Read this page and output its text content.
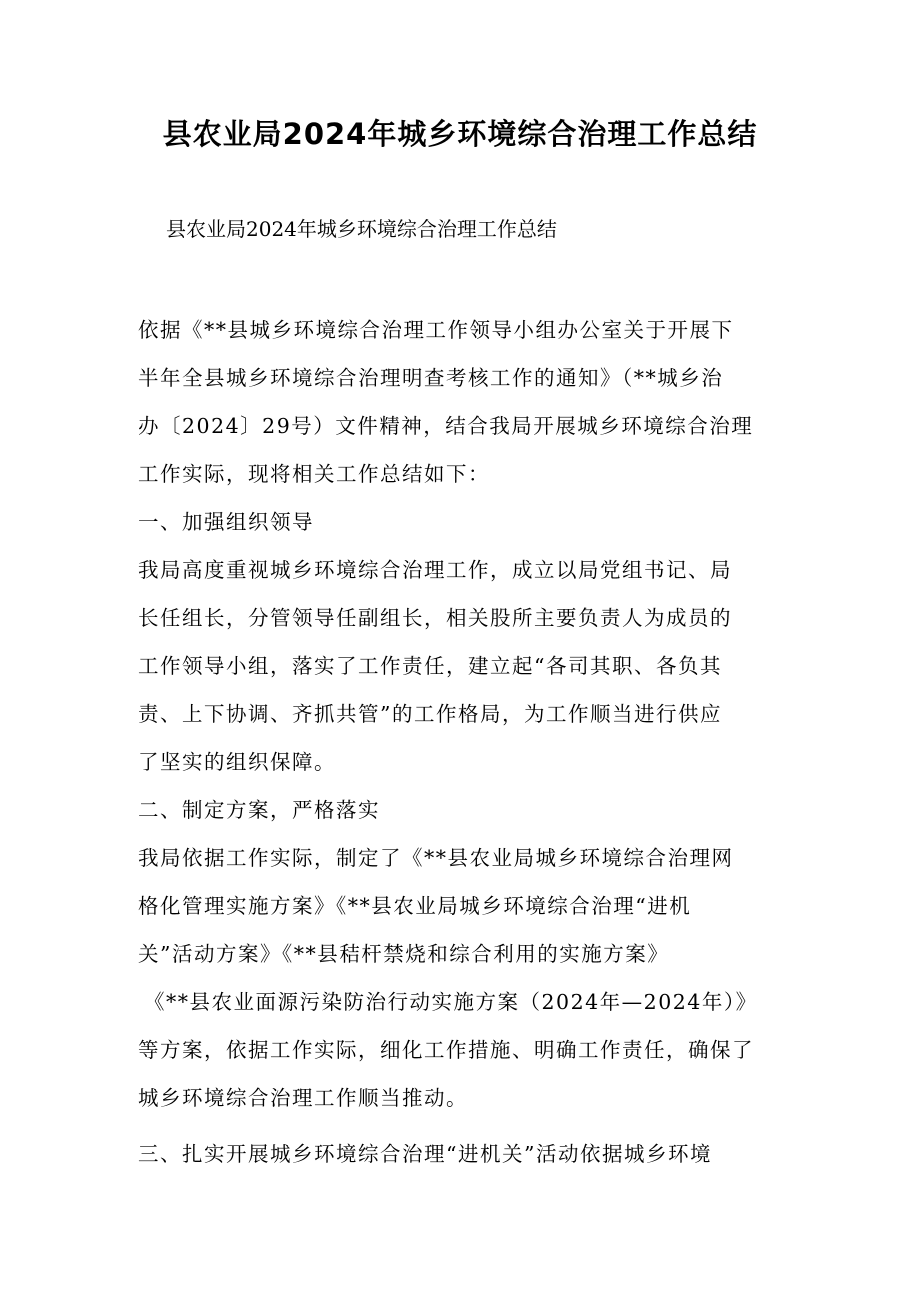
县农业局2024年城乡环境综合治理工作总结
县农业局2024年城乡环境综合治理工作总结
依据《**县城乡环境综合治理工作领导小组办公室关于开展下
半年全县城乡环境综合治理明查考核工作的通知》（**城乡治
办〔2024〕29号）文件精神，结合我局开展城乡环境综合治理
工作实际，现将相关工作总结如下：
一、加强组织领导
我局高度重视城乡环境综合治理工作，成立以局党组书记、局
长任组长，分管领导任副组长，相关股所主要负责人为成员的
工作领导小组，落实了工作责任，建立起“各司其职、各负其
责、上下协调、齐抓共管”的工作格局，为工作顺当进行供应
了坚实的组织保障。
二、制定方案，严格落实
我局依据工作实际，制定了《**县农业局城乡环境综合治理网
格化管理实施方案》《**县农业局城乡环境综合治理“进机
关”活动方案》《**县秸杆禁烧和综合利用的实施方案》
《**县农业面源污染防治行动实施方案（2024年—2024年）》
等方案，依据工作实际，细化工作措施、明确工作责任，确保了
城乡环境综合治理工作顺当推动。
三、扎实开展城乡环境综合治理“进机关”活动依据城乡环境
